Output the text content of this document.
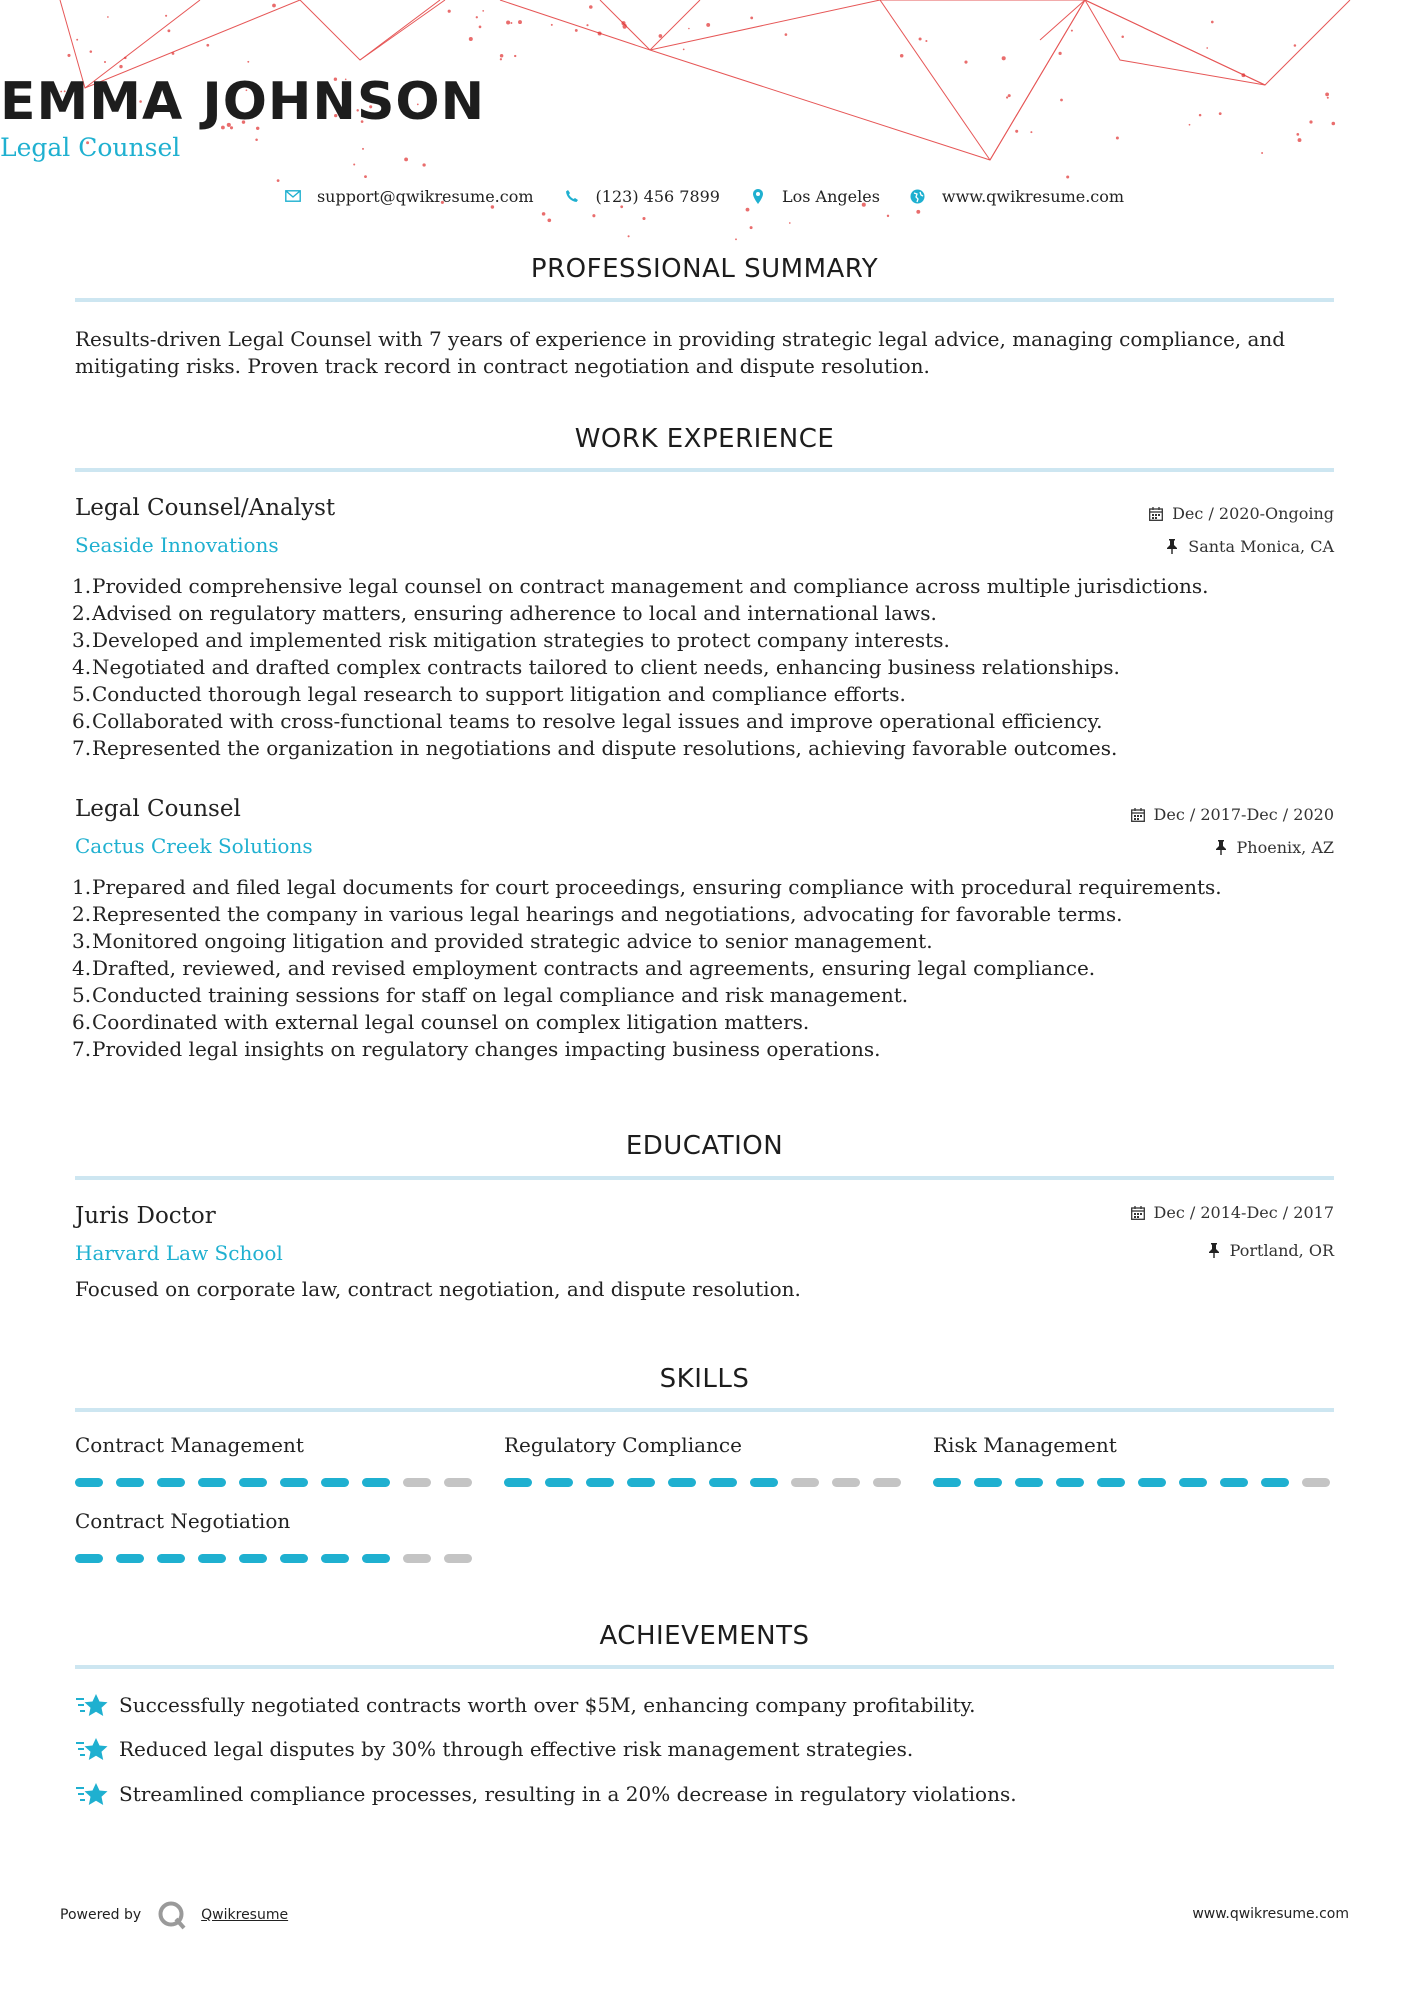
EMMA JOHNSON
Legal Counsel
support@qwikresume.com	(123) 456 7899	Los Angeles	www.qwikresume.com
PROFESSIONAL SUMMARY
Results-driven Legal Counsel with 7 years of experience in providing strategic legal advice, managing compliance, and mitigating risks. Proven track record in contract negotiation and dispute resolution.
WORK EXPERIENCE
Legal Counsel/Analyst
Seaside Innovations
Dec / 2020-Ongoing
Santa Monica, CA
1. Provided comprehensive legal counsel on contract management and compliance across multiple jurisdictions.
2. Advised on regulatory matters, ensuring adherence to local and international laws.
3. Developed and implemented risk mitigation strategies to protect company interests.
4. Negotiated and drafted complex contracts tailored to client needs, enhancing business relationships.
5. Conducted thorough legal research to support litigation and compliance efforts.
6. Collaborated with cross-functional teams to resolve legal issues and improve operational efficiency.
7. Represented the organization in negotiations and dispute resolutions, achieving favorable outcomes.
Legal Counsel
Cactus Creek Solutions
Dec / 2017-Dec / 2020
Phoenix, AZ
1. Prepared and filed legal documents for court proceedings, ensuring compliance with procedural requirements.
2. Represented the company in various legal hearings and negotiations, advocating for favorable terms.
3. Monitored ongoing litigation and provided strategic advice to senior management.
4. Drafted, reviewed, and revised employment contracts and agreements, ensuring legal compliance.
5. Conducted training sessions for staff on legal compliance and risk management.
6. Coordinated with external legal counsel on complex litigation matters.
7. Provided legal insights on regulatory changes impacting business operations.
EDUCATION
Juris Doctor
Harvard Law School
Dec / 2014-Dec / 2017
Portland, OR
Focused on corporate law, contract negotiation, and dispute resolution.
SKILLS
Contract Management	Regulatory Compliance	Risk Management
Contract Negotiation
ACHIEVEMENTS
Successfully negotiated contracts worth over $5M, enhancing company profitability.
Reduced legal disputes by 30% through effective risk management strategies.
Streamlined compliance processes, resulting in a 20% decrease in regulatory violations.
Powered by	Qwikresume	www.qwikresume.com
